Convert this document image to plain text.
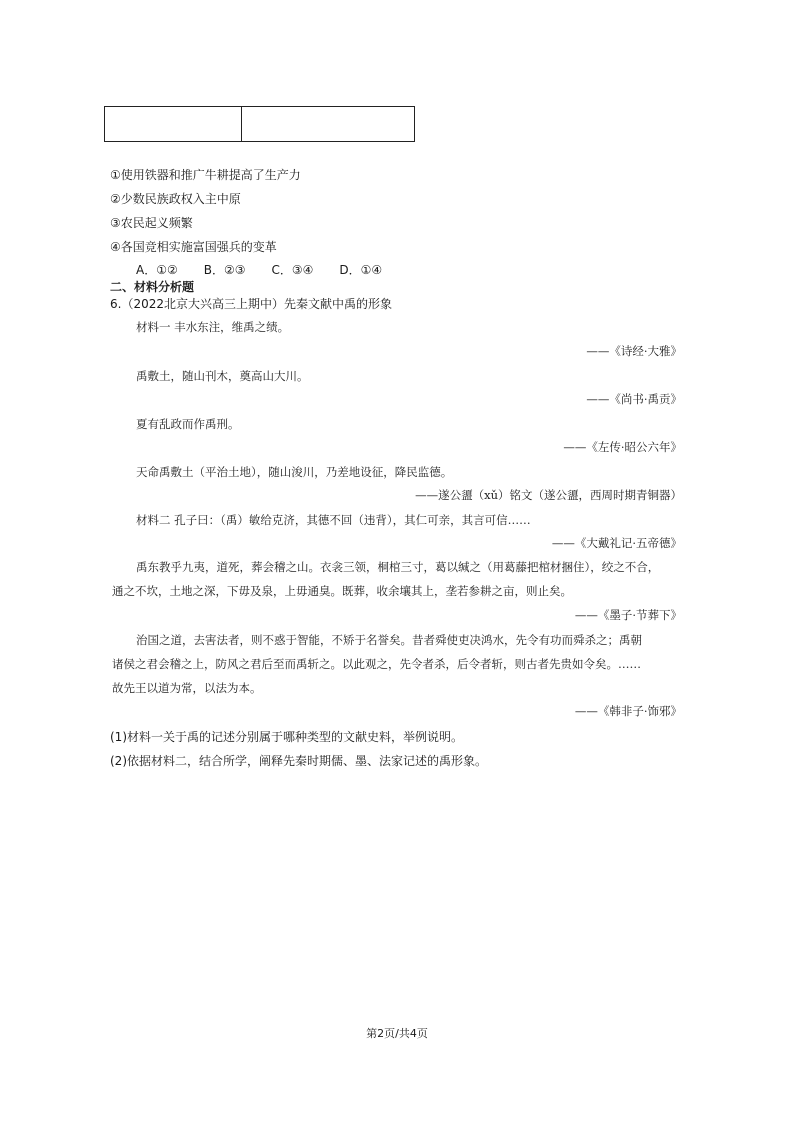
①使用铁器和推广牛耕提高了生产力
②少数民族政权入主中原
③农民起义频繁
④各国竞相实施富国强兵的变革
A．①② B．②③ C．③④ D．①④
二、材料分析题
6.（2022北京大兴高三上期中）先秦文献中禹的形象
材料一 丰水东注，维禹之绩。
——《诗经·大雅》
禹敷土，随山刊木，奠高山大川。
——《尚书·禹贡》
夏有乱政而作禹刑。
——《左传·昭公六年》
天命禹敷土（平治土地），随山浚川，乃差地设征，降民监德。
——遂公盨（xǔ）铭文（遂公盨，西周时期青铜器）
材料二 孔子曰：（禹）敏给克济，其德不回（违背），其仁可亲，其言可信……
——《大戴礼记·五帝德》
禹东教乎九夷，道死，葬会稽之山。衣衾三领，桐棺三寸，葛以缄之（用葛藤把棺材捆住），绞之不合，
通之不坎，土地之深，下毋及泉，上毋通臭。既葬，收余壤其上，垄若参耕之亩，则止矣。
——《墨子·节葬下》
治国之道，去害法者，则不惑于智能，不矫于名誉矣。昔者舜使吏决鸿水，先令有功而舜杀之；禹朝
诸侯之君会稽之上，防风之君后至而禹斩之。以此观之，先令者杀，后令者斩，则古者先贵如令矣。……
故先王以道为常，以法为本。
——《韩非子·饰邪》
(1)材料一关于禹的记述分别属于哪种类型的文献史料，举例说明。
(2)依据材料二，结合所学，阐释先秦时期儒、墨、法家记述的禹形象。
第2页/共4页
